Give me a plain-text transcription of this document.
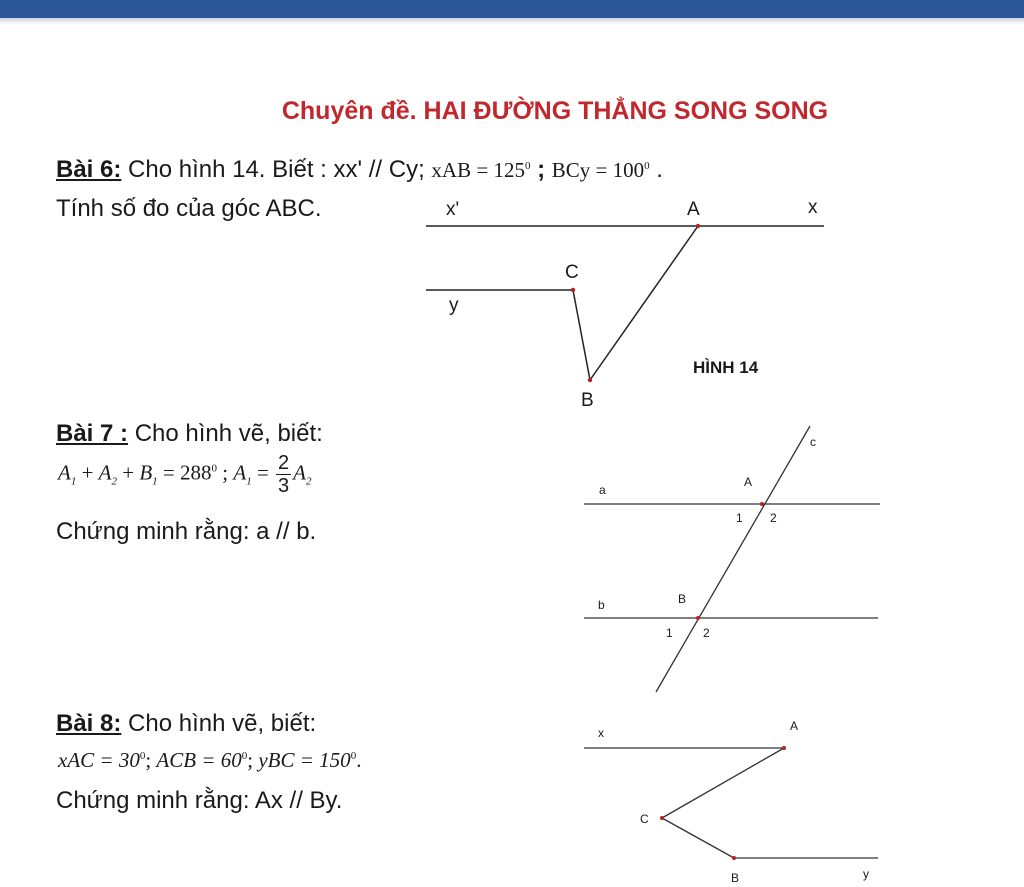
Chuyên đề. HAI ĐƯỜNG THẲNG SONG SONG
Bài 6: Cho hình 14. Biết : xx' // Cy; xAB = $125^0$ ; BCy = $100^0$ .
Tính số đo của góc ABC.
Bài 7 : Cho hình vẽ, biết:
$A_1 + A_2 + B_1 = 288^0$ ; $A_1 = \frac{2}{3} A_2$
Chứng minh rằng: a // b.
Bài 8: Cho hình vẽ, biết:
xAC = $30^0$; ACB = $60^0$; yBC = $150^0$.
Chứng minh rằng: Ax // By.
x'	A	x
C
y
B
HÌNH 14
c
a
A
1 2
b	B
1	2
x	A
C
B	y
